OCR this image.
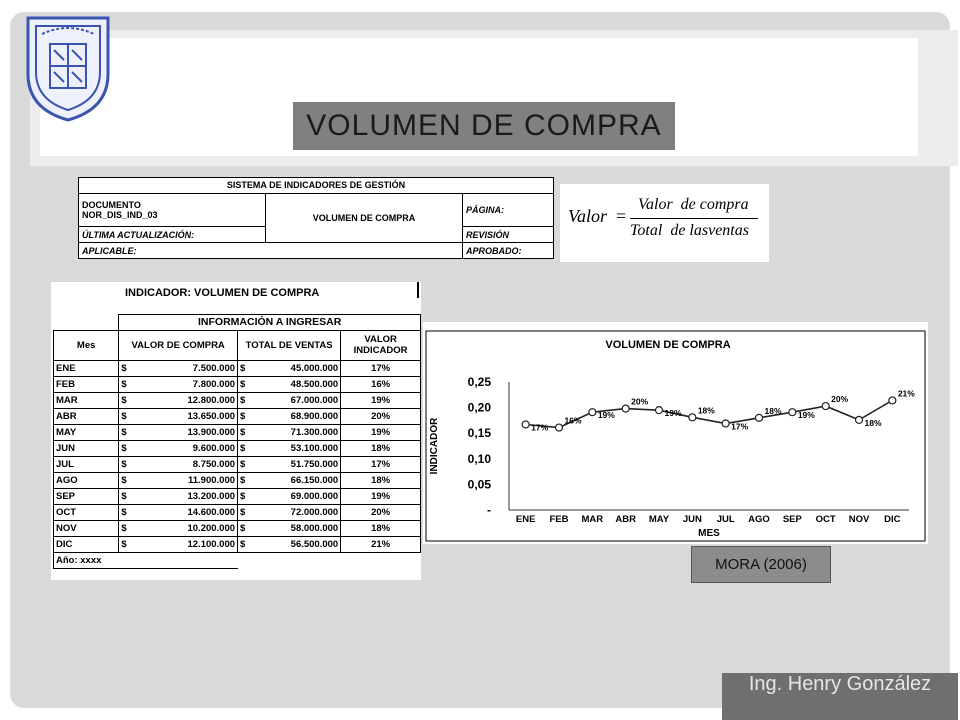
VOLUMEN DE COMPRA
SISTEMA DE INDICADORES DE GESTIÓN		

DOCUMENTO
NOR_DIS_IND_03	VOLUMEN DE COMPRA	PÁGINA:
ÚLTIMA ACTUALIZACIÓN:		REVISIÓN
APLICABLE:		APROBADO:
Valor =
Valor  de compra
Total  de lasventas
INDICADOR: VOLUMEN DE COMPRA
	INFORMACIÓN A INGRESAR		
Mes	VALOR DE COMPRA	TOTAL DE VENTAS	VALOR INDICADOR
ENE	$ 7.500.000	$ 45.000.000	17%
FEB	$ 7.800.000	$ 48.500.000	16%
MAR	$ 12.800.000	$ 67.000.000	19%
ABR	$ 13.650.000	$ 68.900.000	20%
MAY	$ 13.900.000	$ 71.300.000	19%
JUN	$ 9.600.000	$ 53.100.000	18%
JUL	$ 8.750.000	$ 51.750.000	17%
AGO	$ 11.900.000	$ 66.150.000	18%
SEP	$ 13.200.000	$ 69.000.000	19%
OCT	$ 14.600.000	$ 72.000.000	20%
NOV	$ 10.200.000	$ 58.000.000	18%
DIC	$ 12.100.000	$ 56.500.000	21%
Año: xxxx			
VOLUMEN DE COMPRA
INDICADOR
MES
-
0,05
0,10
0,15
0,20
0,25
17%
ENE
16%
FEB
19%
MAR
20%
ABR
19%
MAY
18%
JUN
17%
JUL
18%
AGO
19%
SEP
20%
OCT
18%
NOV
21%
DIC
MORA (2006)
Ing. Henry González
